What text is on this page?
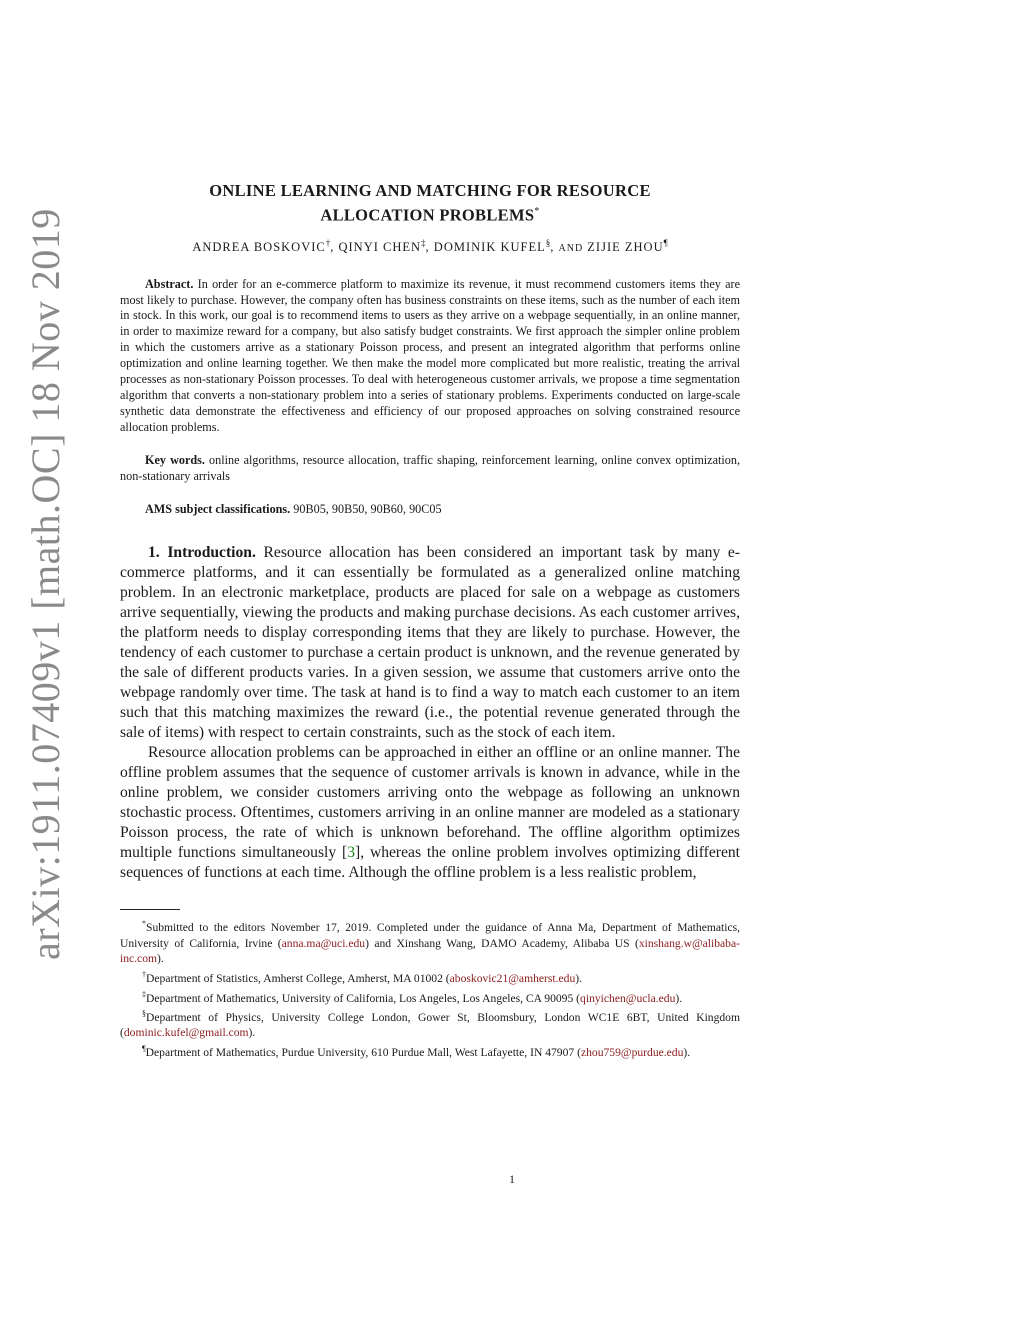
arXiv:1911.07409v1 [math.OC] 18 Nov 2019
ONLINE LEARNING AND MATCHING FOR RESOURCE
ALLOCATION PROBLEMS*
ANDREA BOSKOVIC†, QINYI CHEN‡, DOMINIK KUFEL§, AND ZIJIE ZHOU¶

Abstract. In order for an e-commerce platform to maximize its revenue, it must recommend customers items they are most likely to purchase. However, the company often has business constraints on these items, such as the number of each item in stock. In this work, our goal is to recommend items to users as they arrive on a webpage sequentially, in an online manner, in order to maximize reward for a company, but also satisfy budget constraints. We first approach the simpler online problem in which the customers arrive as a stationary Poisson process, and present an integrated algorithm that performs online optimization and online learning together. We then make the model more complicated but more realistic, treating the arrival processes as non-stationary Poisson processes. To deal with heterogeneous customer arrivals, we propose a time segmentation algorithm that converts a non-stationary problem into a series of stationary problems. Experiments conducted on large-scale synthetic data demonstrate the effectiveness and efficiency of our proposed approaches on solving constrained resource allocation problems.

Key words. online algorithms, resource allocation, traffic shaping, reinforcement learning, online convex optimization, non-stationary arrivals

AMS subject classifications. 90B05, 90B50, 90B60, 90C05

1. Introduction. Resource allocation has been considered an important task by many e-commerce platforms, and it can essentially be formulated as a generalized online matching problem. In an electronic marketplace, products are placed for sale on a webpage as customers arrive sequentially, viewing the products and making purchase decisions. As each customer arrives, the platform needs to display corresponding items that they are likely to purchase. However, the tendency of each customer to purchase a certain product is unknown, and the revenue generated by the sale of different products varies. In a given session, we assume that customers arrive onto the webpage randomly over time. The task at hand is to find a way to match each customer to an item such that this matching maximizes the reward (i.e., the potential revenue generated through the sale of items) with respect to certain constraints, such as the stock of each item.

Resource allocation problems can be approached in either an offline or an online manner. The offline problem assumes that the sequence of customer arrivals is known in advance, while in the online problem, we consider customers arriving onto the webpage as following an unknown stochastic process. Oftentimes, customers arriving in an online manner are modeled as a stationary Poisson process, the rate of which is unknown beforehand. The offline algorithm optimizes multiple functions simultaneously [3], whereas the online problem involves optimizing different sequences of functions at each time. Although the offline problem is a less realistic problem,

*Submitted to the editors November 17, 2019. Completed under the guidance of Anna Ma, Department of Mathematics, University of California, Irvine (anna.ma@uci.edu) and Xinshang Wang, DAMO Academy, Alibaba US (xinshang.w@alibaba-inc.com).

†Department of Statistics, Amherst College, Amherst, MA 01002 (aboskovic21@amherst.edu).

‡Department of Mathematics, University of California, Los Angeles, Los Angeles, CA 90095 (qinyichen@ucla.edu).

§Department of Physics, University College London, Gower St, Bloomsbury, London WC1E 6BT, United Kingdom (dominic.kufel@gmail.com).

¶Department of Mathematics, Purdue University, 610 Purdue Mall, West Lafayette, IN 47907 (zhou759@purdue.edu).

1
